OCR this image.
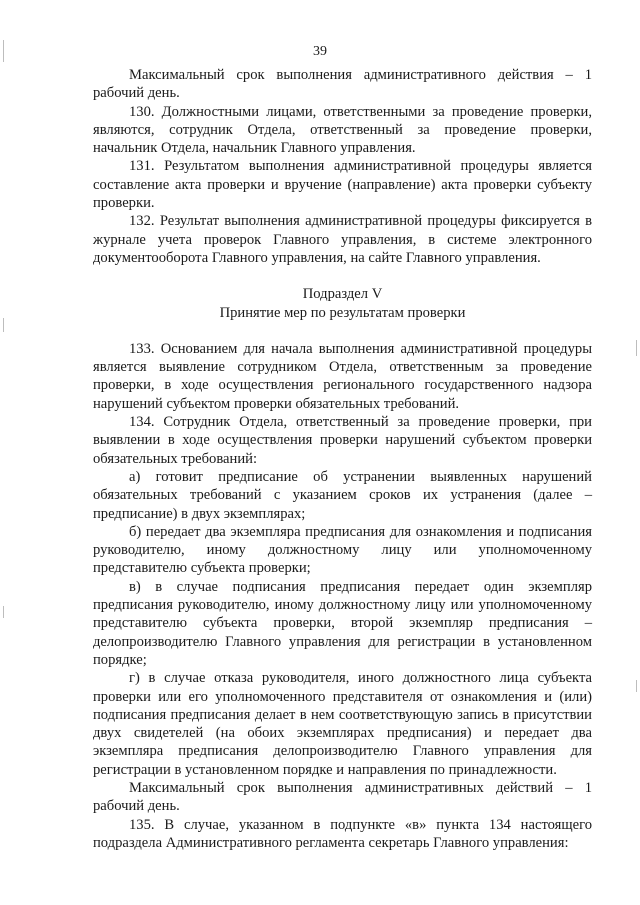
39

Максимальный срок выполнения административного действия – 1 рабочий день.

130. Должностными лицами, ответственными за проведение проверки, являются, сотрудник Отдела, ответственный за проведение проверки, начальник Отдела, начальник Главного управления.

131. Результатом выполнения административной процедуры является составление акта проверки и вручение (направление) акта проверки субъекту проверки.

132. Результат выполнения административной процедуры фиксируется в журнале учета проверок Главного управления, в системе электронного документооборота Главного управления, на сайте Главного управления.

Подраздел V

Принятие мер по результатам проверки

133. Основанием для начала выполнения административной процедуры является выявление сотрудником Отдела, ответственным за проведение проверки, в ходе осуществления регионального государственного надзора нарушений субъектом проверки обязательных требований.

134. Сотрудник Отдела, ответственный за проведение проверки, при выявлении в ходе осуществления проверки нарушений субъектом проверки обязательных требований:

а) готовит предписание об устранении выявленных нарушений обязательных требований с указанием сроков их устранения (далее – предписание) в двух экземплярах;

б) передает два экземпляра предписания для ознакомления и подписания руководителю, иному должностному лицу или уполномоченному представителю субъекта проверки;

в) в случае подписания предписания передает один экземпляр предписания руководителю, иному должностному лицу или уполномоченному представителю субъекта проверки, второй экземпляр предписания – делопроизводителю Главного управления для регистрации в установленном порядке;

г) в случае отказа руководителя, иного должностного лица субъекта проверки или его уполномоченного представителя от ознакомления и (или) подписания предписания делает в нем соответствующую запись в присутствии двух свидетелей (на обоих экземплярах предписания) и передает два экземпляра предписания делопроизводителю Главного управления для регистрации в установленном порядке и направления по принадлежности.

Максимальный срок выполнения административных действий – 1 рабочий день.

135. В случае, указанном в подпункте «в» пункта 134 настоящего подраздела Административного регламента секретарь Главного управления:
